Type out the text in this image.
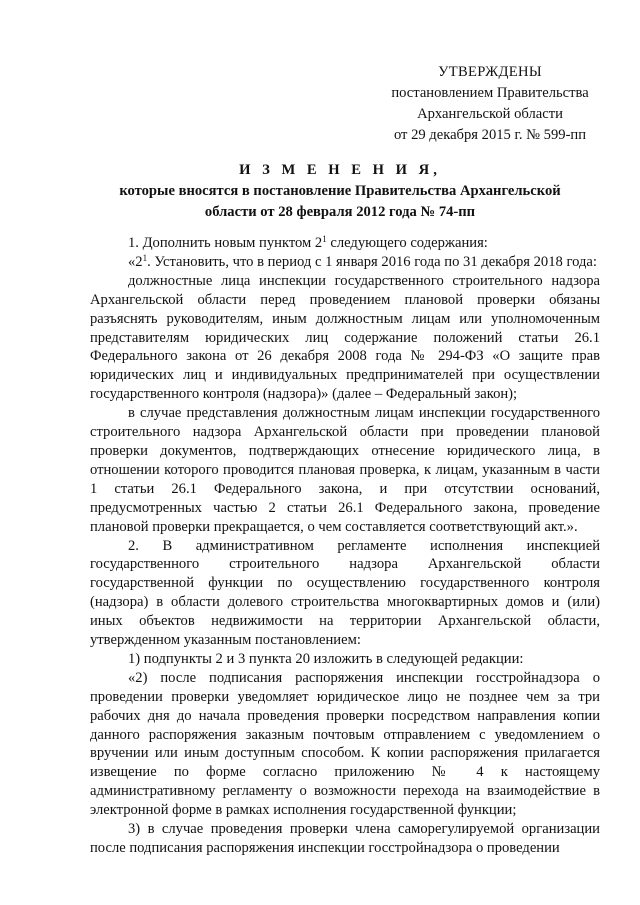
УТВЕРЖДЕНЫ
постановлением Правительства
Архангельской области
от 29 декабря 2015 г. № 599-пп
И З М Е Н Е Н И Я,
которые вносятся в постановление Правительства Архангельской
области от 28 февраля 2012 года № 74-пп

1. Дополнить новым пунктом $2^1$ следующего содержания:

«$2^1$. Установить, что в период с 1 января 2016 года по 31 декабря 2018 года:

должностные лица инспекции государственного строительного надзора Архангельской области перед проведением плановой проверки обязаны разъяснять руководителям, иным должностным лицам или уполномоченным представителям юридических лиц содержание положений статьи 26.1 Федерального закона от 26 декабря 2008 года № 294-ФЗ «О защите прав юридических лиц и индивидуальных предпринимателей при осуществлении государственного контроля (надзора)» (далее – Федеральный закон);

в случае представления должностным лицам инспекции государственного строительного надзора Архангельской области при проведении плановой проверки документов, подтверждающих отнесение юридического лица, в отношении которого проводится плановая проверка, к лицам, указанным в части 1 статьи 26.1 Федерального закона, и при отсутствии оснований, предусмотренных частью 2 статьи 26.1 Федерального закона, проведение плановой проверки прекращается, о чем составляется соответствующий акт.».

2. В административном регламенте исполнения инспекцией государственного строительного надзора Архангельской области государственной функции по осуществлению государственного контроля (надзора) в области долевого строительства многоквартирных домов и (или) иных объектов недвижимости на территории Архангельской области, утвержденном указанным постановлением:

1) подпункты 2 и 3 пункта 20 изложить в следующей редакции:

«2) после подписания распоряжения инспекции госстройнадзора о проведении проверки уведомляет юридическое лицо не позднее чем за три рабочих дня до начала проведения проверки посредством направления копии данного распоряжения заказным почтовым отправлением с уведомлением о вручении или иным доступным способом. К копии распоряжения прилагается извещение по форме согласно приложению № 4 к настоящему административному регламенту о возможности перехода на взаимодействие в электронной форме в рамках исполнения государственной функции;

3) в случае проведения проверки члена саморегулируемой организации после подписания распоряжения инспекции госстройнадзора о проведении
